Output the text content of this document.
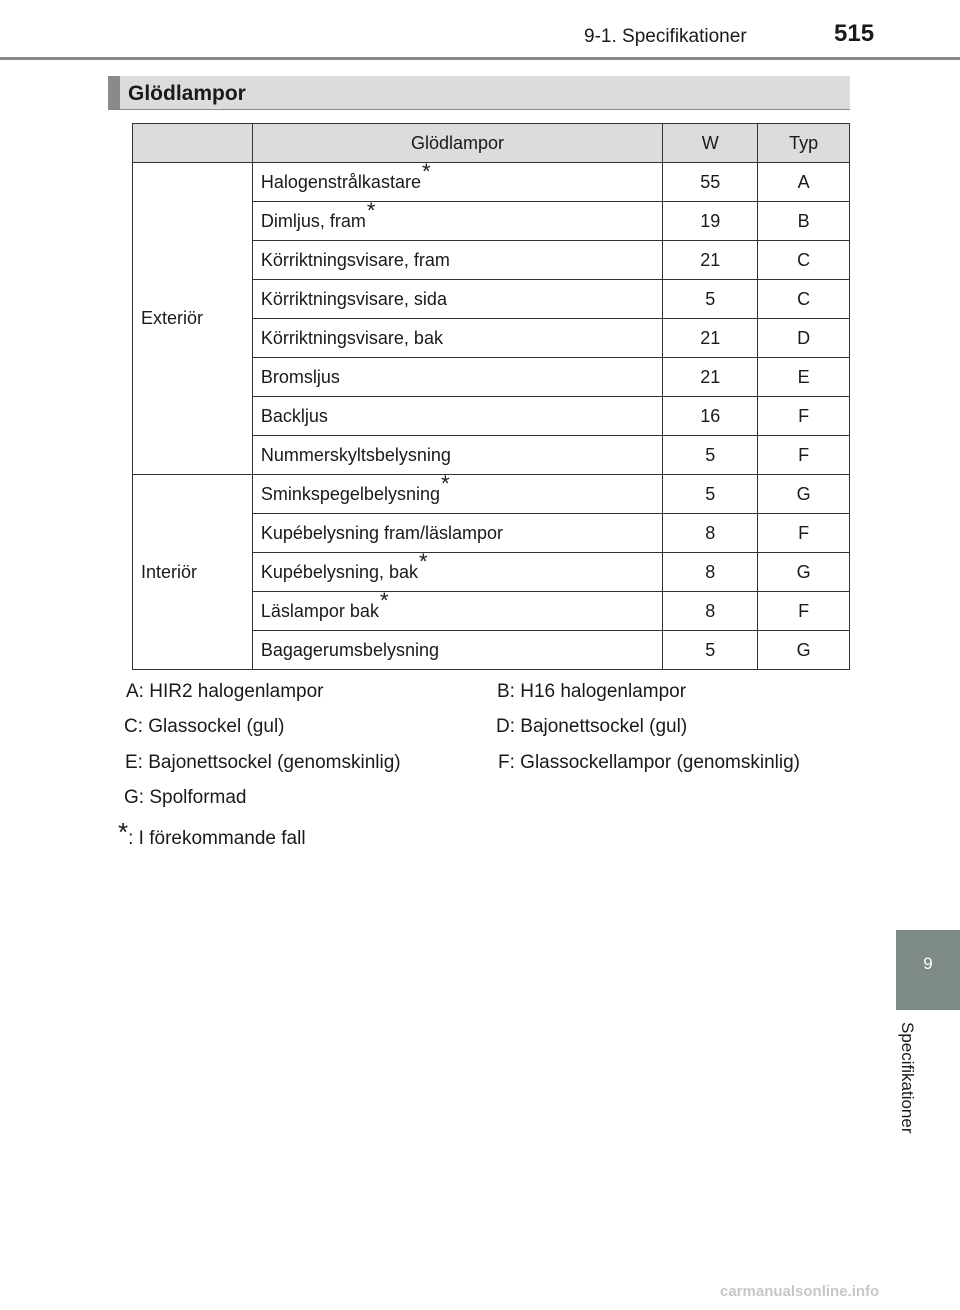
9-1. Specifikationer	515
Glödlampor
	Glödlampor	W	Typ
Exteriör	Halogenstrålkastare*	55	A
	Dimljus, fram*	19	B
	Körriktningsvisare, fram	21	C
	Körriktningsvisare, sida	5	C
	Körriktningsvisare, bak	21	D
	Bromsljus	21	E
	Backljus	16	F
	Nummerskyltsbelysning	5	F
Interiör	Sminkspegelbelysning*	5	G
	Kupébelysning fram/läslampor	8	F
	Kupébelysning, bak*	8	G
	Läslampor bak*	8	F
	Bagagerumsbelysning	5	G
A: HIR2 halogenlampor	B: H16 halogenlampor
C: Glassockel (gul)	D: Bajonettsockel (gul)
E: Bajonettsockel (genomskinlig)	F: Glassockellampor (genomskinlig)
G: Spolformad
*: I förekommande fall
9
Specifikationer
carmanualsonline.info
